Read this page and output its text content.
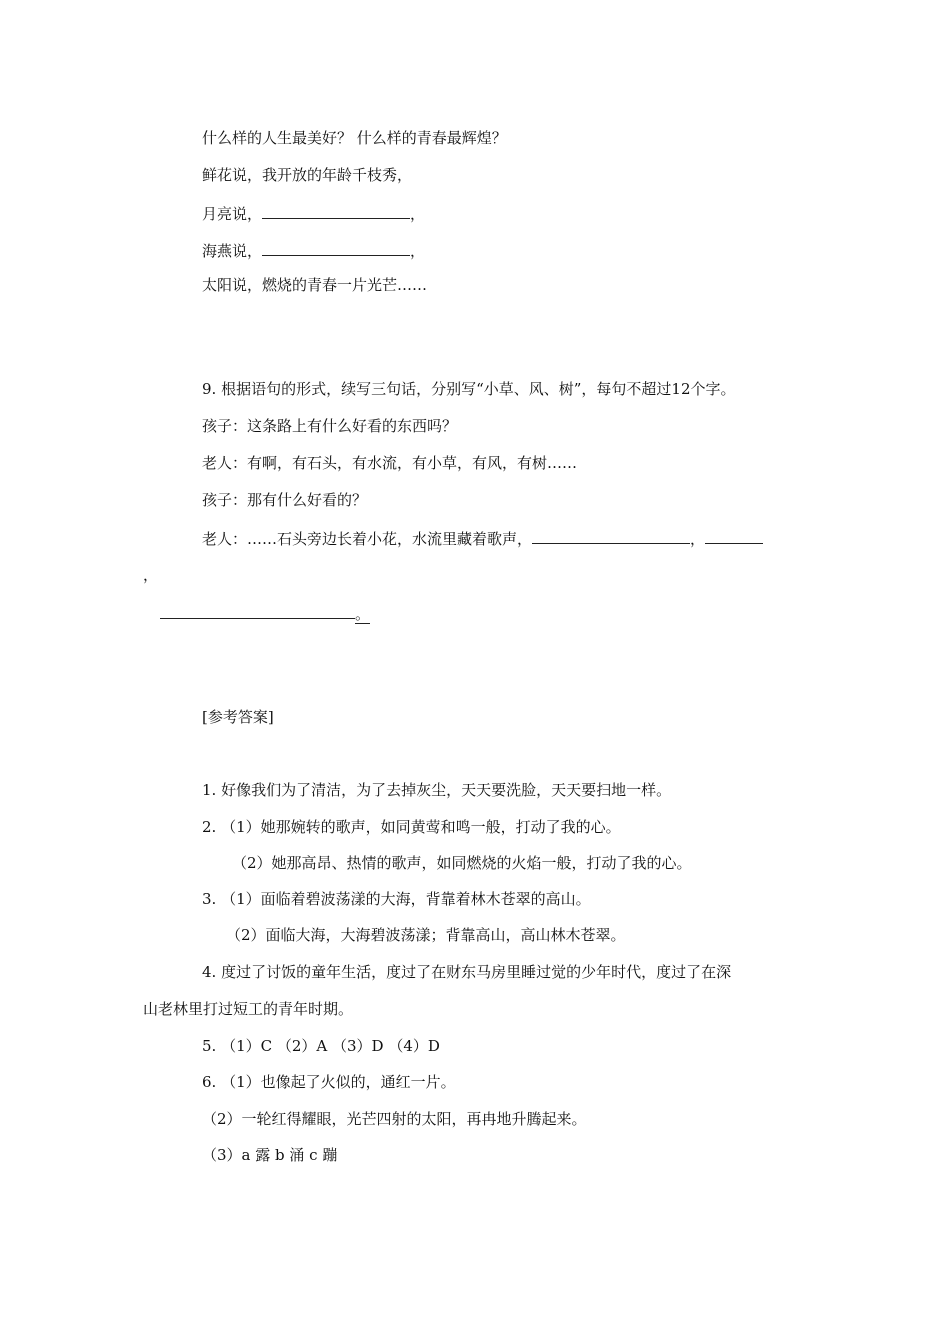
什么样的人生最美好？ 什么样的青春最辉煌？
鲜花说，我开放的年龄千枝秀，
月亮说，	，
海燕说，	，
太阳说，燃烧的青春一片光芒……
9. 根据语句的形式，续写三句话，分别写“小草、风、树”，每句不超过12个字。
孩子：这条路上有什么好看的东西吗？
老人：有啊，有石头，有水流，有小草，有风，有树……
孩子：那有什么好看的？
老人：……石头旁边长着小花，水流里藏着歌声，	，
，
。
[参考答案]
1. 好像我们为了清洁，为了去掉灰尘，天天要洗脸，天天要扫地一样。
2. （1）她那婉转的歌声，如同黄莺和鸣一般，打动了我的心。
（2）她那高昂、热情的歌声，如同燃烧的火焰一般，打动了我的心。
3. （1）面临着碧波荡漾的大海，背靠着林木苍翠的高山。
（2）面临大海，大海碧波荡漾；背靠高山，高山林木苍翠。
4. 度过了讨饭的童年生活，度过了在财东马房里睡过觉的少年时代，度过了在深
山老林里打过短工的青年时期。
5. （1）C （2）A （3）D （4）D
6. （1）也像起了火似的，通红一片。
（2）一轮红得耀眼，光芒四射的太阳，再冉地升腾起来。
（3）a 露 b 涌 c 蹦
